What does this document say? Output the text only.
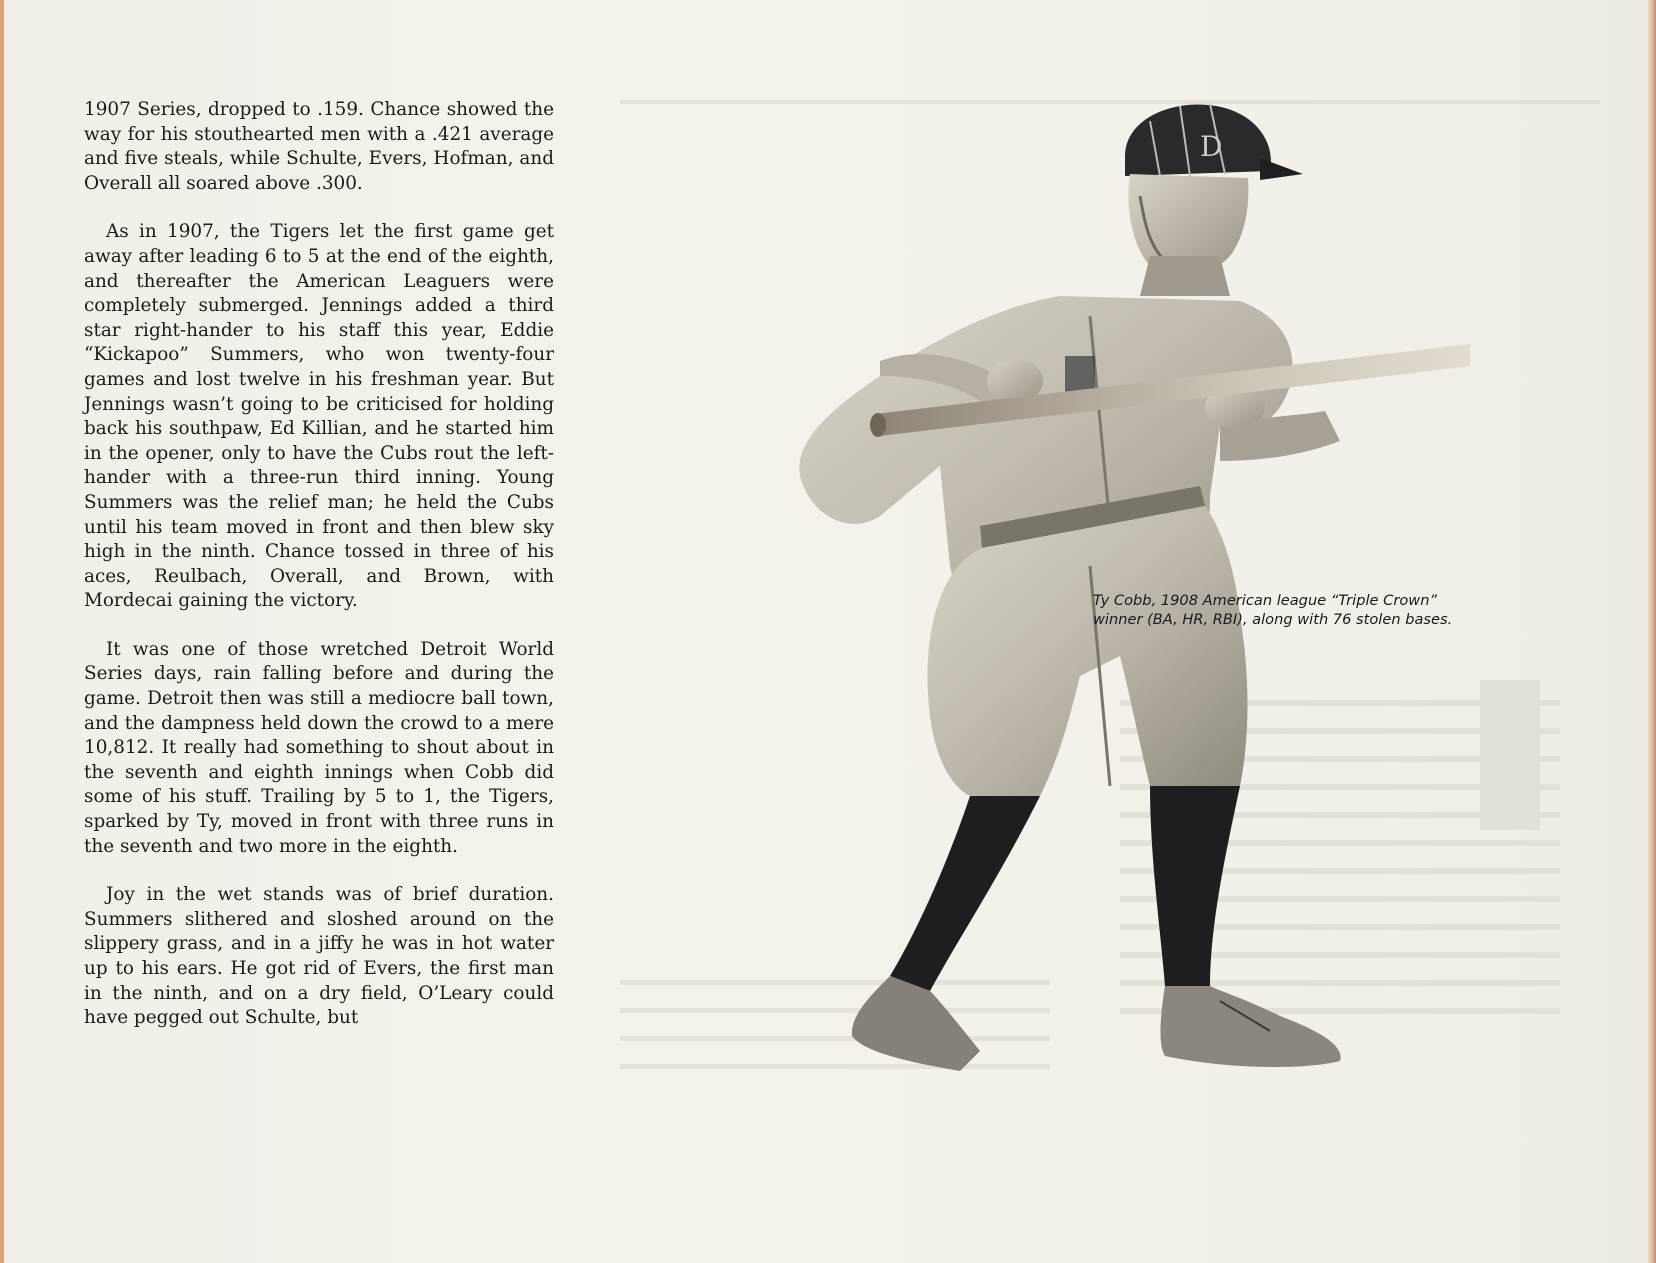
1907 Series, dropped to .159. Chance showed the way for his stouthearted men with a .421 average and five steals, while Schulte, Evers, Hofman, and Overall all soared above .300.

As in 1907, the Tigers let the first game get away after leading 6 to 5 at the end of the eighth, and thereafter the American Leaguers were completely submerged. Jennings added a third star right-hander to his staff this year, Eddie “Kickapoo” Summers, who won twenty-four games and lost twelve in his freshman year. But Jennings wasn’t going to be criticised for holding back his southpaw, Ed Killian, and he started him in the opener, only to have the Cubs rout the left-hander with a three-run third inning. Young Summers was the relief man; he held the Cubs until his team moved in front and then blew sky high in the ninth. Chance tossed in three of his aces, Reulbach, Overall, and Brown, with Mordecai gaining the victory.

It was one of those wretched Detroit World Series days, rain falling before and during the game. Detroit then was still a mediocre ball town, and the dampness held down the crowd to a mere 10,812. It really had something to shout about in the seventh and eighth innings when Cobb did some of his stuff. Trailing by 5 to 1, the Tigers, sparked by Ty, moved in front with three runs in the seventh and two more in the eighth.

Joy in the wet stands was of brief duration. Summers slithered and sloshed around on the slippery grass, and in a jiffy he was in hot water up to his ears. He got rid of Evers, the first man in the ninth, and on a dry field, O’Leary could have pegged out Schulte, but

D
Ty Cobb, 1908 American league “Triple Crown” winner (BA, HR, RBI), along with 76 stolen bases.
